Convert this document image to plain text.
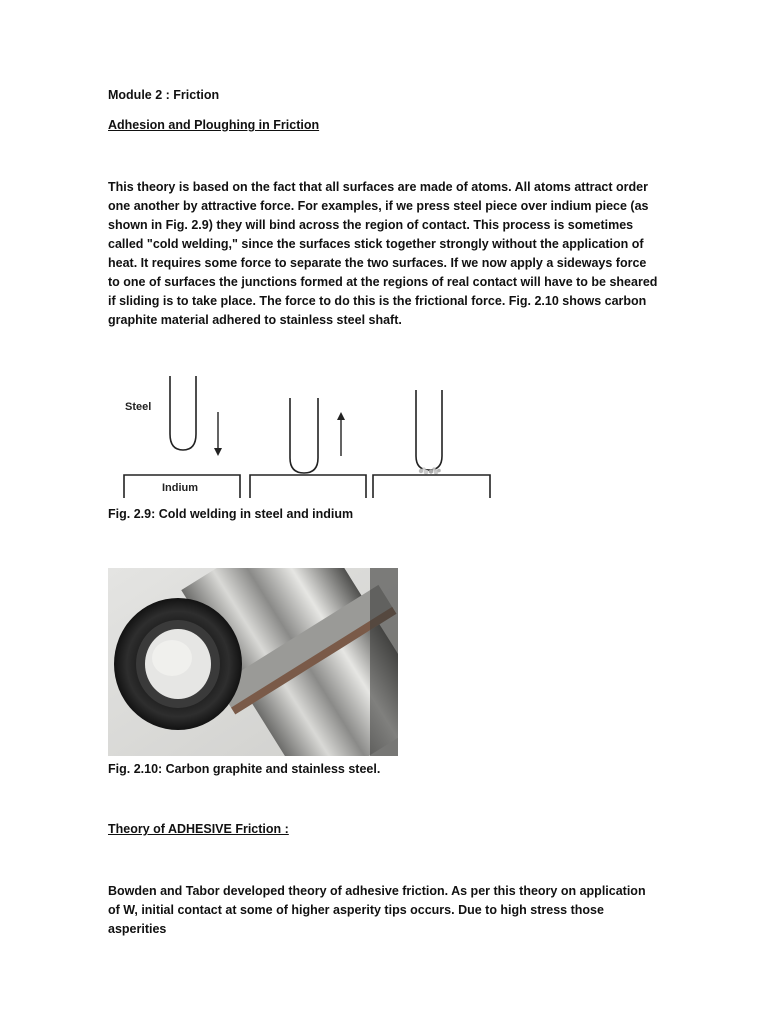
Module 2 : Friction
Adhesion and Ploughing in Friction

This theory is based on the fact that all surfaces are made of atoms. All atoms attract order one another by attractive force. For examples, if we press steel piece over indium piece (as shown in Fig. 2.9) they will bind across the region of contact. This process is sometimes called "cold welding," since the surfaces stick together strongly without the application of heat. It requires some force to separate the two surfaces. If we now apply a sideways force to one of surfaces the junctions formed at the regions of real contact will have to be sheared if sliding is to take place. The force to do this is the frictional force. Fig. 2.10 shows carbon graphite material adhered to stainless steel shaft.

Steel
Indium
Fig. 2.9: Cold welding in steel and indium
Fig. 2.10: Carbon graphite and stainless steel.
Theory of ADHESIVE Friction :

Bowden and Tabor developed theory of adhesive friction. As per this theory on application of W, initial contact at some of higher asperity tips occurs. Due to high stress those asperities
